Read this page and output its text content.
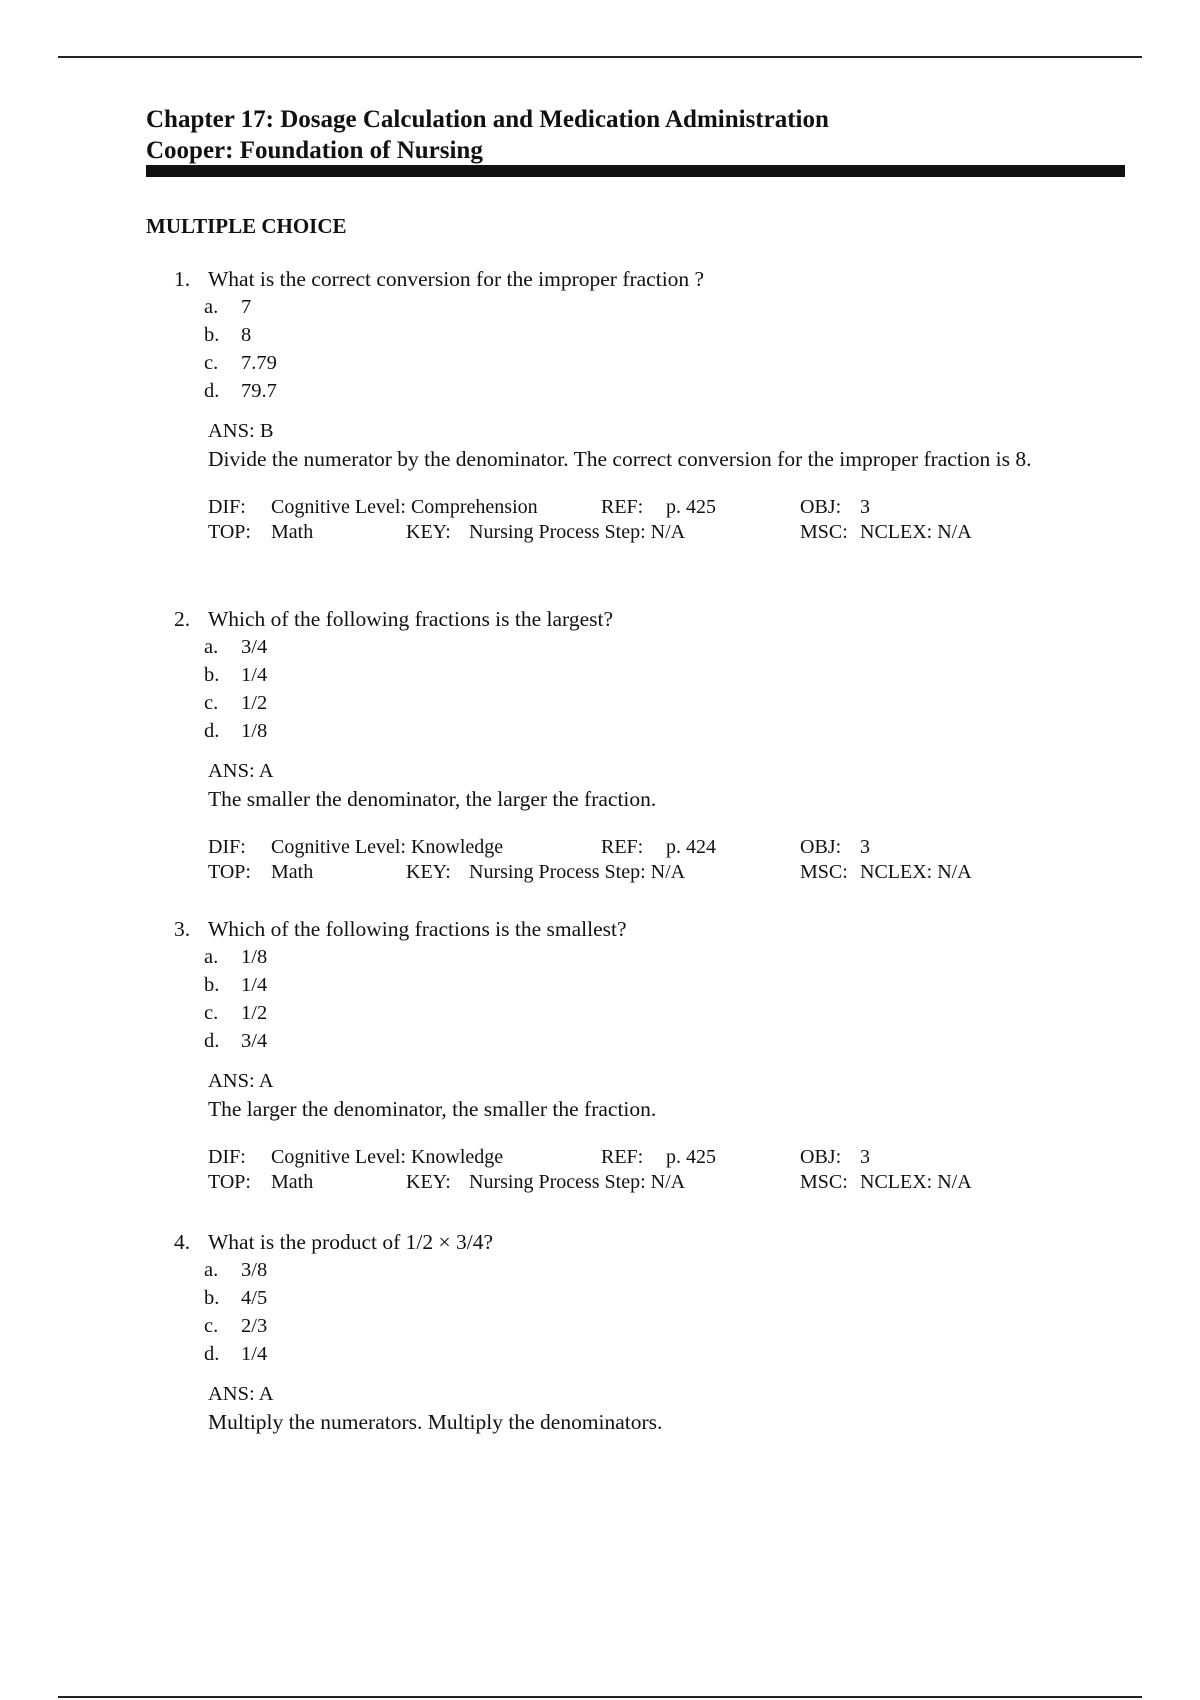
Chapter 17: Dosage Calculation and Medication Administration
Cooper: Foundation of Nursing
MULTIPLE CHOICE
1. What is the correct conversion for the improper fraction ?
a. 7
b. 8
c. 7.79
d. 79.7
ANS: B
Divide the numerator by the denominator. The correct conversion for the improper fraction is 8.
DIF: Cognitive Level: Comprehension	REF: p. 425	OBJ: 3
TOP: Math	KEY: Nursing Process Step: N/A	MSC: NCLEX: N/A
2. Which of the following fractions is the largest?
a. 3/4
b. 1/4
c. 1/2
d. 1/8
ANS: A
The smaller the denominator, the larger the fraction.
DIF: Cognitive Level: Knowledge	REF: p. 424	OBJ: 3
TOP: Math	KEY: Nursing Process Step: N/A	MSC: NCLEX: N/A
3. Which of the following fractions is the smallest?
a. 1/8
b. 1/4
c. 1/2
d. 3/4
ANS: A
The larger the denominator, the smaller the fraction.
DIF: Cognitive Level: Knowledge	REF: p. 425	OBJ: 3
TOP: Math	KEY: Nursing Process Step: N/A	MSC: NCLEX: N/A
4. What is the product of 1/2 × 3/4?
a. 3/8
b. 4/5
c. 2/3
d. 1/4
ANS: A
Multiply the numerators. Multiply the denominators.
